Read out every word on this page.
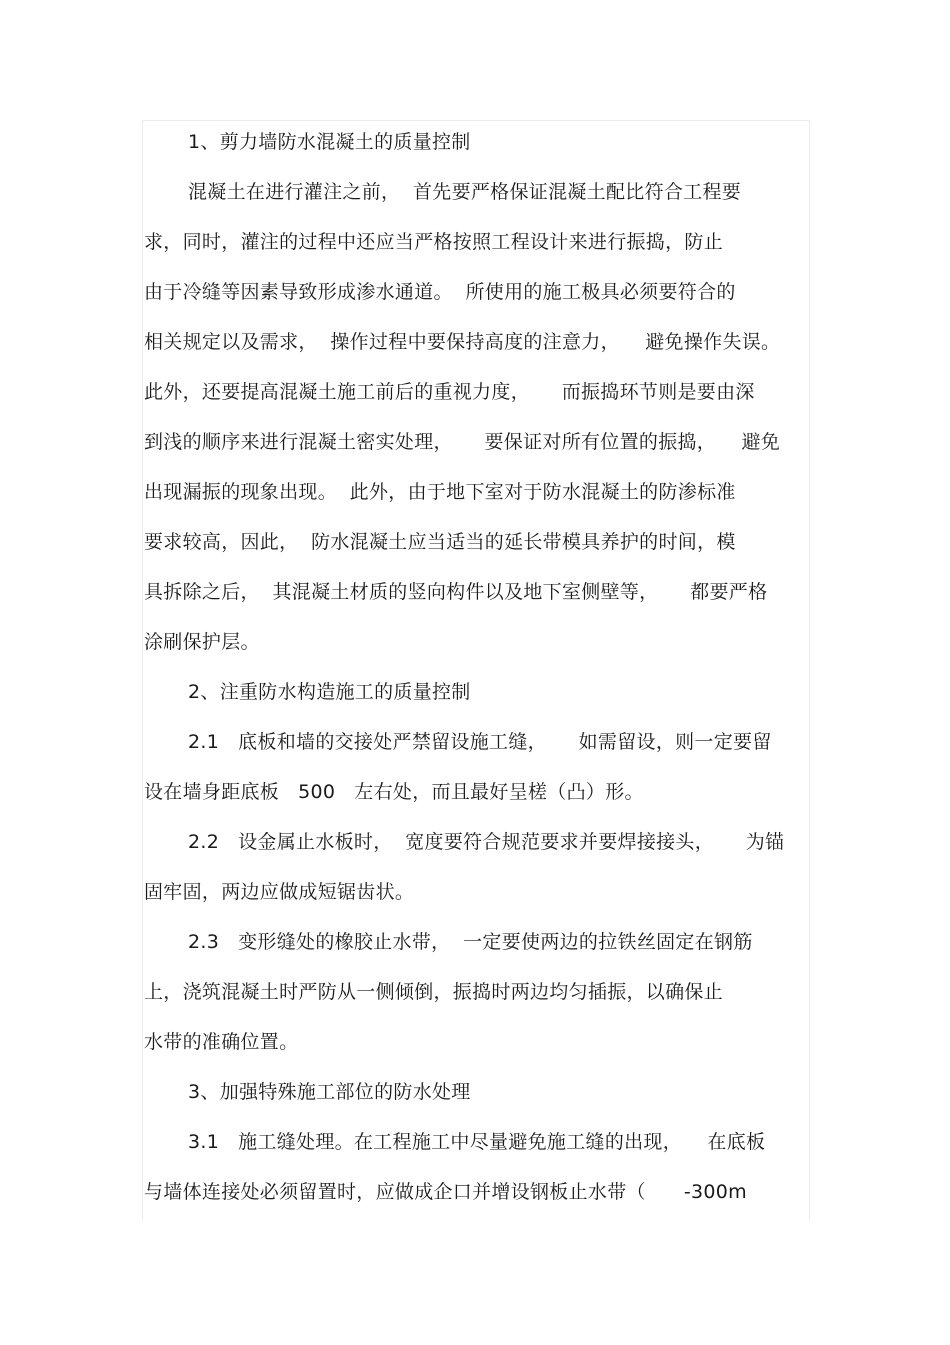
1、剪力墙防水混凝土的质量控制
混凝土在进行灌注之前，  首先要严格保证混凝土配比符合工程要
求，同时，灌注的过程中还应当严格按照工程设计来进行振捣，防止
由于冷缝等因素导致形成渗水通道。  所使用的施工极具必须要符合的
相关规定以及需求，  操作过程中要保持高度的注意力，    避免操作失误。
此外，还要提高混凝土施工前后的重视力度，     而振捣环节则是要由深
到浅的顺序来进行混凝土密实处理，     要保证对所有位置的振捣，    避免
出现漏振的现象出现。  此外，由于地下室对于防水混凝土的防渗标准
要求较高，因此，  防水混凝土应当适当的延长带模具养护的时间，模
具拆除之后，  其混凝土材质的竖向构件以及地下室侧壁等，     都要严格
涂刷保护层。
2、注重防水构造施工的质量控制
2.1   底板和墙的交接处严禁留设施工缝，     如需留设，则一定要留
设在墙身距底板   500   左右处，而且最好呈槎（凸）形。
2.2   设金属止水板时，  宽度要符合规范要求并要焊接接头，     为锚
固牢固，两边应做成短锯齿状。
2.3   变形缝处的橡胶止水带，  一定要使两边的拉铁丝固定在钢筋
上，浇筑混凝土时严防从一侧倾倒，振捣时两边均匀插振，以确保止
水带的准确位置。
3、加强特殊施工部位的防水处理
3.1   施工缝处理。在工程施工中尽量避免施工缝的出现，    在底板
与墙体连接处必须留置时，应做成企口并增设钢板止水带（      -300m
